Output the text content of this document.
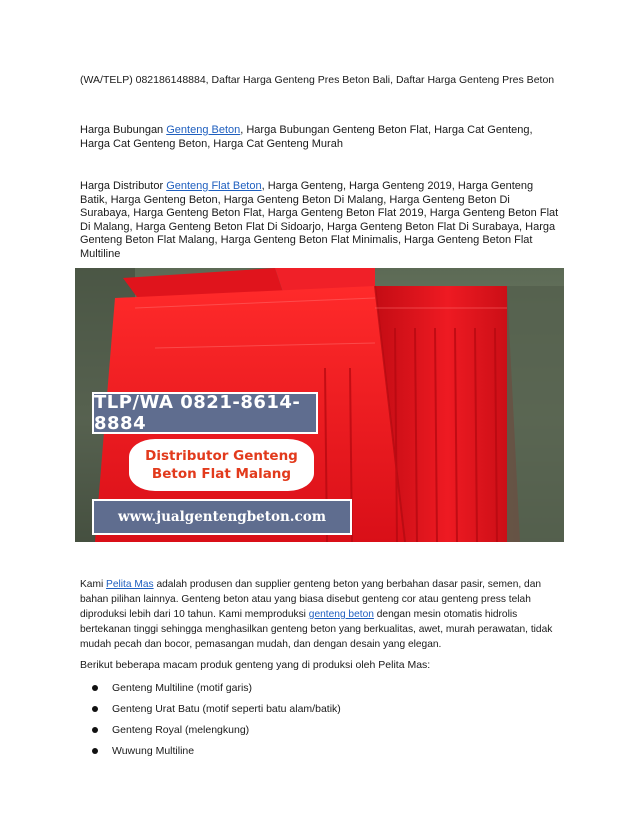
(WA/TELP) 082186148884, Daftar Harga Genteng Pres Beton Bali, Daftar Harga Genteng Pres Beton

Harga Bubungan Genteng Beton, Harga Bubungan Genteng Beton Flat, Harga Cat Genteng, Harga Cat Genteng Beton, Harga Cat Genteng Murah

Harga Distributor Genteng Flat Beton, Harga Genteng, Harga Genteng 2019, Harga Genteng Batik, Harga Genteng Beton, Harga Genteng Beton Di Malang, Harga Genteng Beton Di Surabaya, Harga Genteng Beton Flat, Harga Genteng Beton Flat 2019, Harga Genteng Beton Flat Di Malang, Harga Genteng Beton Flat Di Sidoarjo, Harga Genteng Beton Flat Di Surabaya, Harga Genteng Beton Flat Malang, Harga Genteng Beton Flat Minimalis, Harga Genteng Beton Flat Multiline

TLP/WA 0821-8614-8884
Distributor Genteng
Beton Flat Malang
www.jualgentengbeton.com

Kami Pelita Mas adalah produsen dan supplier genteng beton yang berbahan dasar pasir, semen, dan bahan pilihan lainnya. Genteng beton atau yang biasa disebut genteng cor atau genteng press telah diproduksi lebih dari 10 tahun. Kami memproduksi genteng beton dengan mesin otomatis hidrolis bertekanan tinggi sehingga menghasilkan genteng beton yang berkualitas, awet, murah perawatan, tidak mudah pecah dan bocor, pemasangan mudah, dan dengan desain yang elegan.

Berikut beberapa macam produk genteng yang di produksi oleh Pelita Mas:

Genteng Multiline (motif garis)
Genteng Urat Batu (motif seperti batu alam/batik)
Genteng Royal (melengkung)
Wuwung Multiline
